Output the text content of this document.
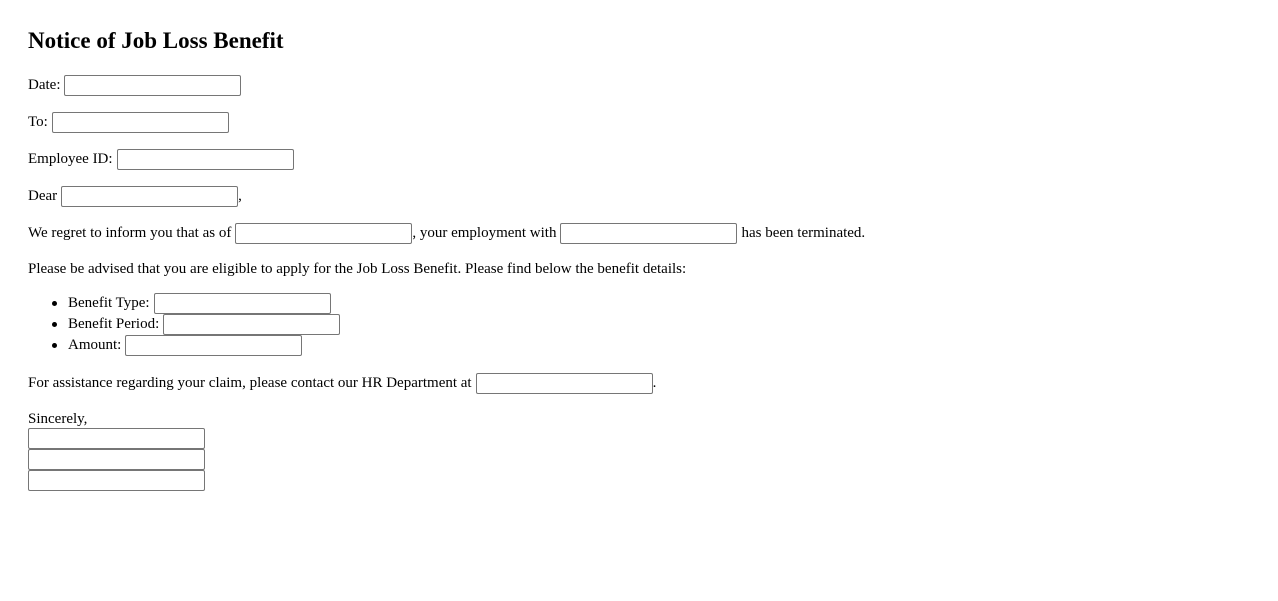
Notice of Job Loss Benefit
Date:
To:
Employee ID:
Dear	,
We regret to inform you that as of	, your employment with	has been terminated.
Please be advised that you are eligible to apply for the Job Loss Benefit. Please find below the benefit details:
Benefit Type:
Benefit Period:
Amount:
For assistance regarding your claim, please contact our HR Department at	.
Sincerely,
